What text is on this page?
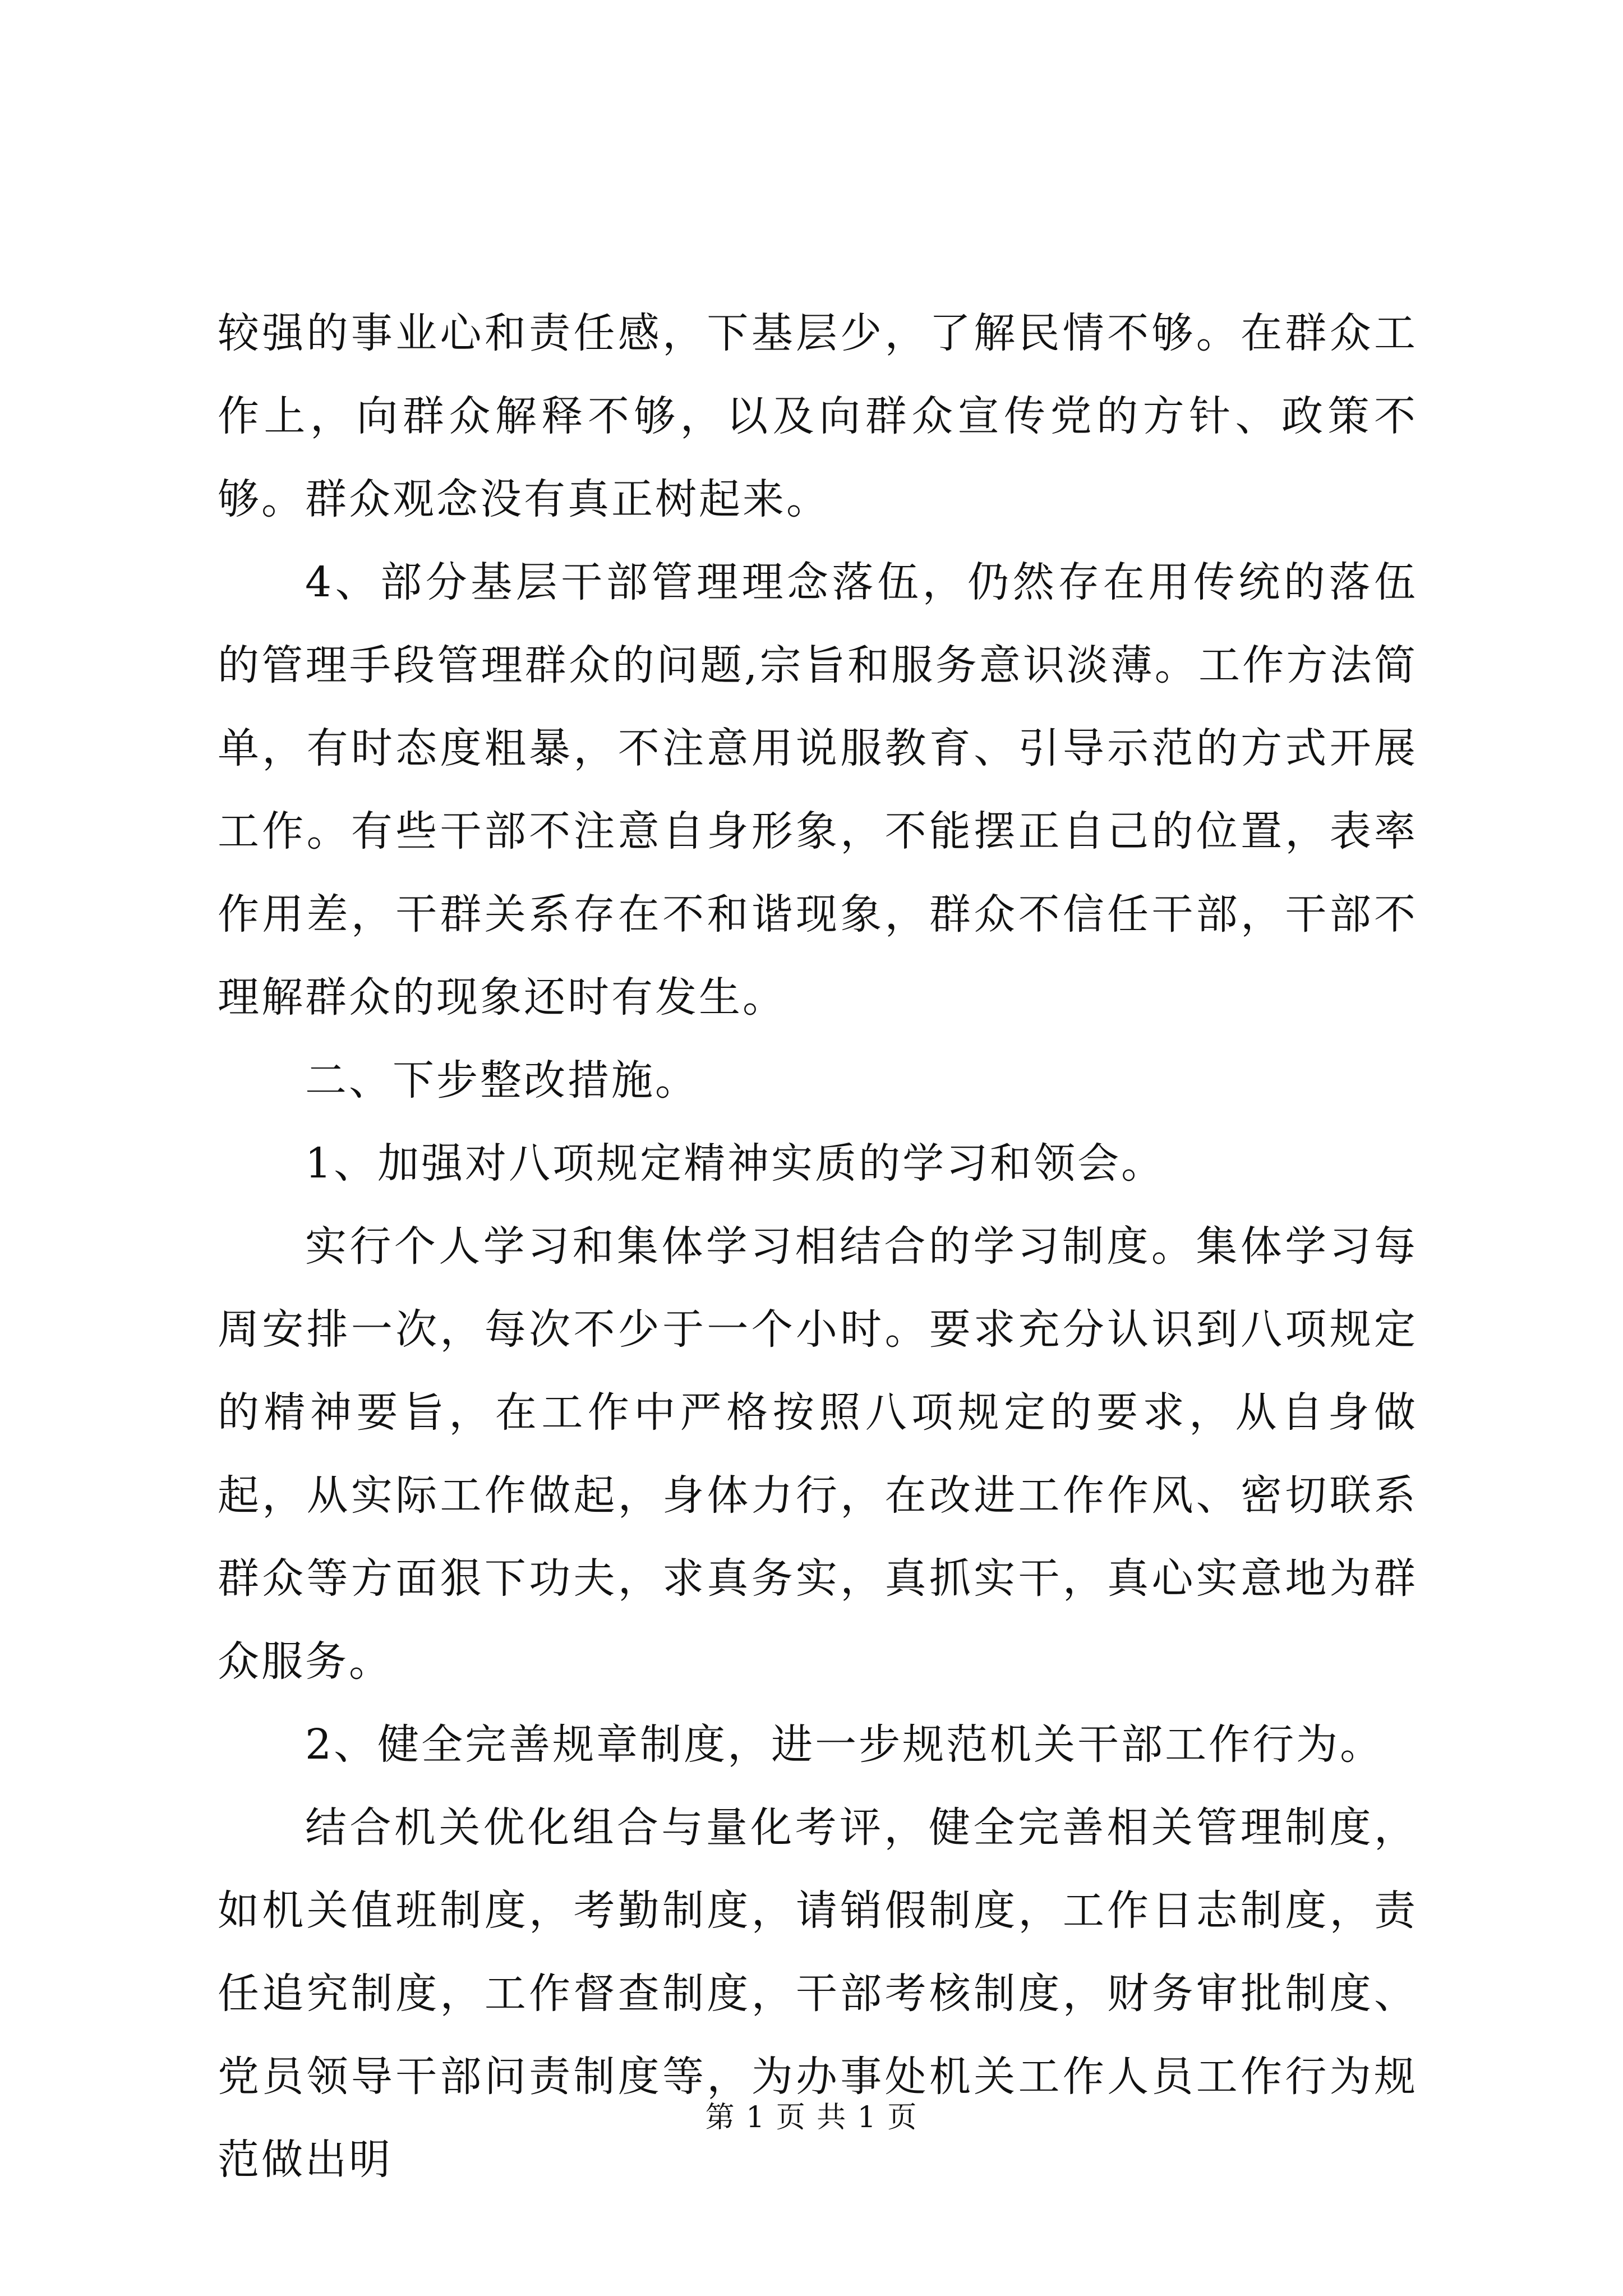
较强的事业心和责任感，下基层少，了解民情不够。在群众工作上，向群众解释不够，以及向群众宣传党的方针、政策不够。群众观念没有真正树起来。

4、部分基层干部管理理念落伍，仍然存在用传统的落伍的管理手段管理群众的问题,宗旨和服务意识淡薄。工作方法简单，有时态度粗暴，不注意用说服教育、引导示范的方式开展工作。有些干部不注意自身形象，不能摆正自己的位置，表率作用差，干群关系存在不和谐现象，群众不信任干部，干部不理解群众的现象还时有发生。

二、下步整改措施。

1、加强对八项规定精神实质的学习和领会。

实行个人学习和集体学习相结合的学习制度。集体学习每周安排一次，每次不少于一个小时。要求充分认识到八项规定的精神要旨，在工作中严格按照八项规定的要求，从自身做起，从实际工作做起，身体力行，在改进工作作风、密切联系群众等方面狠下功夫，求真务实，真抓实干，真心实意地为群众服务。

2、健全完善规章制度，进一步规范机关干部工作行为。

结合机关优化组合与量化考评，健全完善相关管理制度，如机关值班制度，考勤制度，请销假制度，工作日志制度，责任追究制度，工作督查制度，干部考核制度，财务审批制度、党员领导干部问责制度等，为办事处机关工作人员工作行为规范做出明

第 1 页 共 1 页
